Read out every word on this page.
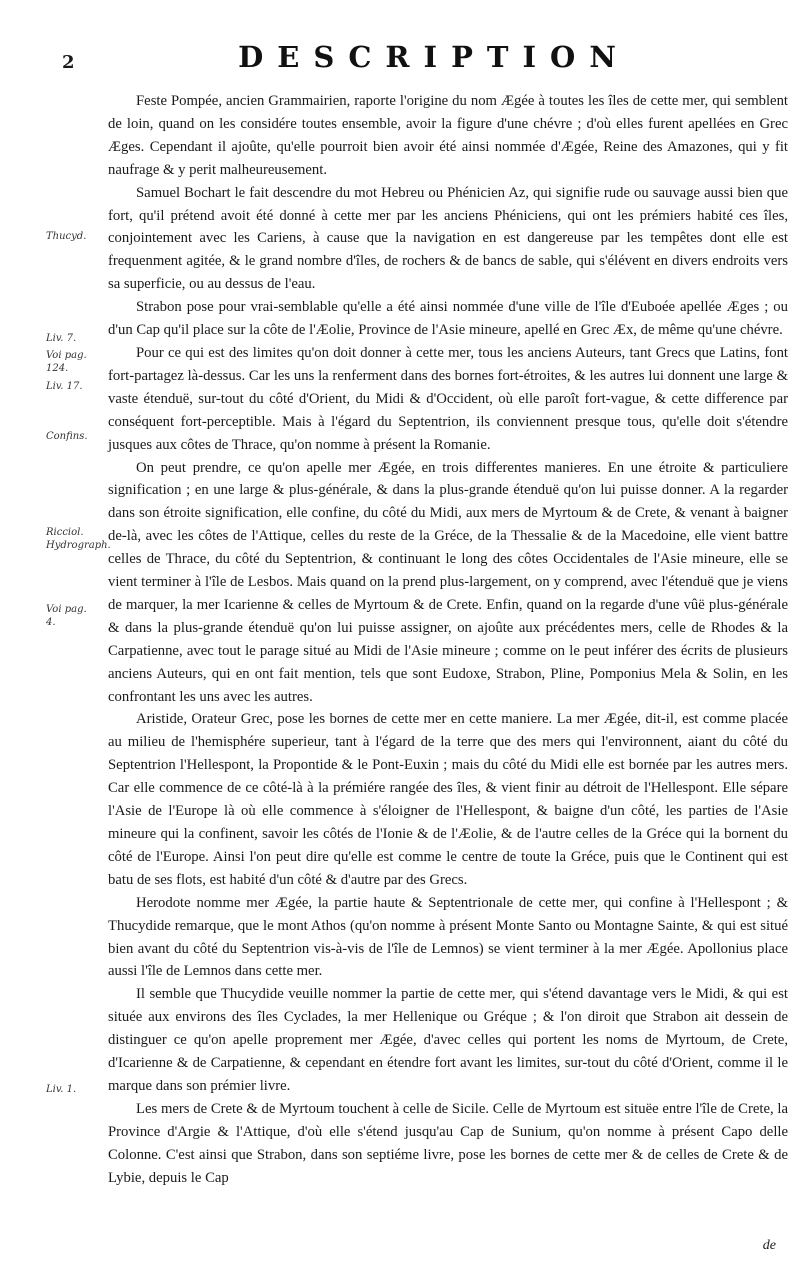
2	DESCRIPTION
Thucyd.
Liv. 7.
Voi pag. 124.
Liv. 17.
Confins.
Ricciol. Hydrograph.
Voi pag. 4.
Liv. 1.

Feste Pompée, ancien Grammairien, raporte l'origine du nom Ægée à toutes les îles de cette mer, qui semblent de loin, quand on les considére toutes ensemble, avoir la figure d'une chévre ; d'où elles furent apellées en Grec Æges. Cependant il ajoûte, qu'elle pourroit bien avoir été ainsi nommée d'Ægée, Reine des Amazones, qui y fit naufrage & y perit malheureusement.

Samuel Bochart le fait descendre du mot Hebreu ou Phénicien Az, qui signifie rude ou sauvage aussi bien que fort, qu'il prétend avoit été donné à cette mer par les anciens Phéniciens, qui ont les prémiers habité ces îles, conjointement avec les Cariens, à cause que la navigation en est dangereuse par les tempêtes dont elle est frequenment agitée, & le grand nombre d'îles, de rochers & de bancs de sable, qui s'élévent en divers endroits vers sa superficie, ou au dessus de l'eau.

Strabon pose pour vrai-semblable qu'elle a été ainsi nommée d'une ville de l'île d'Euboée apellée Æges ; ou d'un Cap qu'il place sur la côte de l'Æolie, Province de l'Asie mineure, apellé en Grec Æx, de même qu'une chévre.

Pour ce qui est des limites qu'on doit donner à cette mer, tous les anciens Auteurs, tant Grecs que Latins, font fort-partagez là-dessus. Car les uns la renferment dans des bornes fort-étroites, & les autres lui donnent une large & vaste étenduë, sur-tout du côté d'Orient, du Midi & d'Occident, où elle paroît fort-vague, & cette difference par conséquent fort-perceptible. Mais à l'égard du Septentrion, ils conviennent presque tous, qu'elle doit s'étendre jusques aux côtes de Thrace, qu'on nomme à présent la Romanie.

On peut prendre, ce qu'on apelle mer Ægée, en trois differentes manieres. En une étroite & particuliere signification ; en une large & plus-générale, & dans la plus-grande étenduë qu'on lui puisse donner. A la regarder dans son étroite signification, elle confine, du côté du Midi, aux mers de Myrtoum & de Crete, & venant à baigner de-là, avec les côtes de l'Attique, celles du reste de la Gréce, de la Thessalie & de la Macedoine, elle vient battre celles de Thrace, du côté du Septentrion, & continuant le long des côtes Occidentales de l'Asie mineure, elle se vient terminer à l'île de Lesbos. Mais quand on la prend plus-largement, on y comprend, avec l'étenduë que je viens de marquer, la mer Icarienne & celles de Myrtoum & de Crete. Enfin, quand on la regarde d'une vûë plus-générale & dans la plus-grande étenduë qu'on lui puisse assigner, on ajoûte aux précédentes mers, celle de Rhodes & la Carpatienne, avec tout le parage situé au Midi de l'Asie mineure ; comme on le peut inférer des écrits de plusieurs anciens Auteurs, qui en ont fait mention, tels que sont Eudoxe, Strabon, Pline, Pomponius Mela & Solin, en les confrontant les uns avec les autres.

Aristide, Orateur Grec, pose les bornes de cette mer en cette maniere. La mer Ægée, dit-il, est comme placée au milieu de l'hemisphére superieur, tant à l'égard de la terre que des mers qui l'environnent, aiant du côté du Septentrion l'Hellespont, la Propontide & le Pont-Euxin ; mais du côté du Midi elle est bornée par les autres mers. Car elle commence de ce côté-là à la prémiére rangée des îles, & vient finir au détroit de l'Hellespont. Elle sépare l'Asie de l'Europe là où elle commence à s'éloigner de l'Hellespont, & baigne d'un côté, les parties de l'Asie mineure qui la confinent, savoir les côtés de l'Ionie & de l'Æolie, & de l'autre celles de la Gréce qui la bornent du côté de l'Europe. Ainsi l'on peut dire qu'elle est comme le centre de toute la Gréce, puis que le Continent qui est batu de ses flots, est habité d'un côté & d'autre par des Grecs.

Herodote nomme mer Ægée, la partie haute & Septentrionale de cette mer, qui confine à l'Hellespont ; & Thucydide remarque, que le mont Athos (qu'on nomme à présent Monte Santo ou Montagne Sainte, & qui est situé bien avant du côté du Septentrion vis-à-vis de l'île de Lemnos) se vient terminer à la mer Ægée. Apollonius place aussi l'île de Lemnos dans cette mer.

Il semble que Thucydide veuille nommer la partie de cette mer, qui s'étend davantage vers le Midi, & qui est située aux environs des îles Cyclades, la mer Hellenique ou Gréque ; & l'on diroit que Strabon ait dessein de distinguer ce qu'on apelle proprement mer Ægée, d'avec celles qui portent les noms de Myrtoum, de Crete, d'Icarienne & de Carpatienne, & cependant en étendre fort avant les limites, sur-tout du côté d'Orient, comme il le marque dans son prémier livre.

Les mers de Crete & de Myrtoum touchent à celle de Sicile. Celle de Myrtoum est situëe entre l'île de Crete, la Province d'Argie & l'Attique, d'où elle s'étend jusqu'au Cap de Sunium, qu'on nomme à présent Capo delle Colonne. C'est ainsi que Strabon, dans son septiéme livre, pose les bornes de cette mer & de celles de Crete & de Lybie, depuis le Cap

de
